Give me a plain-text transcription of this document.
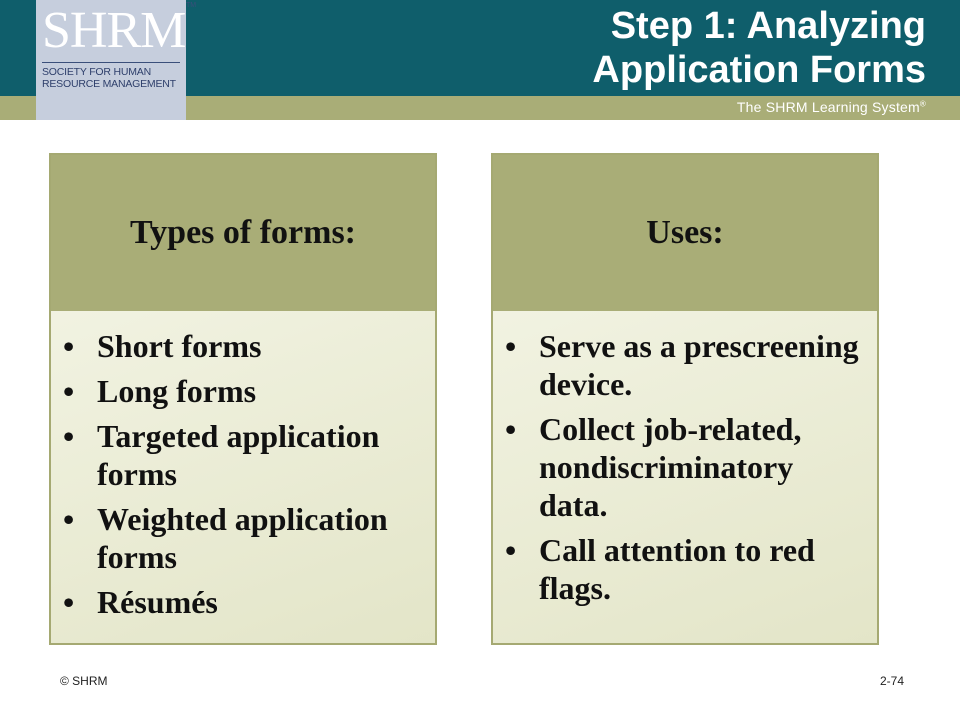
The SHRM Learning System®
SHRM TM
SOCIETY FOR HUMAN
RESOURCE MANAGEMENT
Step 1: Analyzing
Application Forms
Types of forms:
• Short forms
• Long forms
• Targeted application forms
• Weighted application forms
• Résumés
Uses:
• Serve as a prescreening device.
• Collect job-related, nondiscriminatory data.
• Call attention to red flags.
© SHRM	2-74
